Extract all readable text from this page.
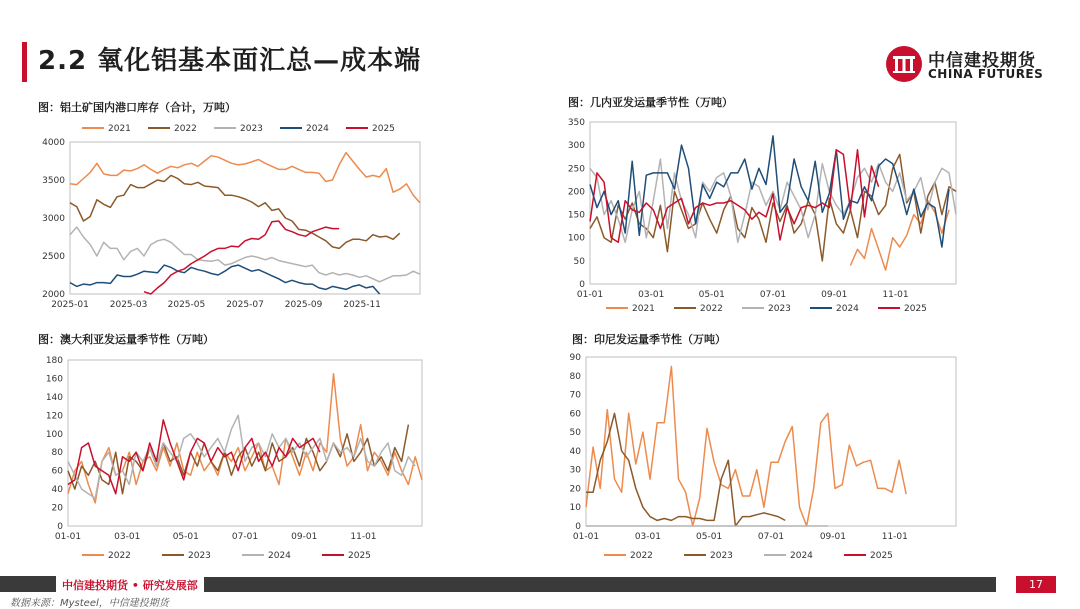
2.2 氧化铝基本面汇总—成本端	中信建投期货
CHINA FUTURES
图：铝土矿国内港口库存（合计，万吨）
2000
2500
3000
3500
4000
2025-01 2025-03 2025-05 2025-07 2025-09 2025-11
2021	2022	2023	2024	2025
图：几内亚发运量季节性（万吨）
0
50
100
150
200
250
300
350
01-01	03-01	05-01	07-01	09-01	11-01
2021	2022	2023	2024	2025
图：澳大利亚发运量季节性（万吨）
0
20
40
60
80
100
120
140
160
180
01-01	03-01	05-01	07-01	09-01	11-01
2022	2023	2024	2025
图：印尼发运量季节性（万吨）
0
10
20
30
40
50
60
70
80
90
01-01	03-01	05-01	07-01	09-01	11-01
2022	2023	2024	2025
中信建投期货 • 研究发展部	17
数据来源：Mysteel，中信建投期货
